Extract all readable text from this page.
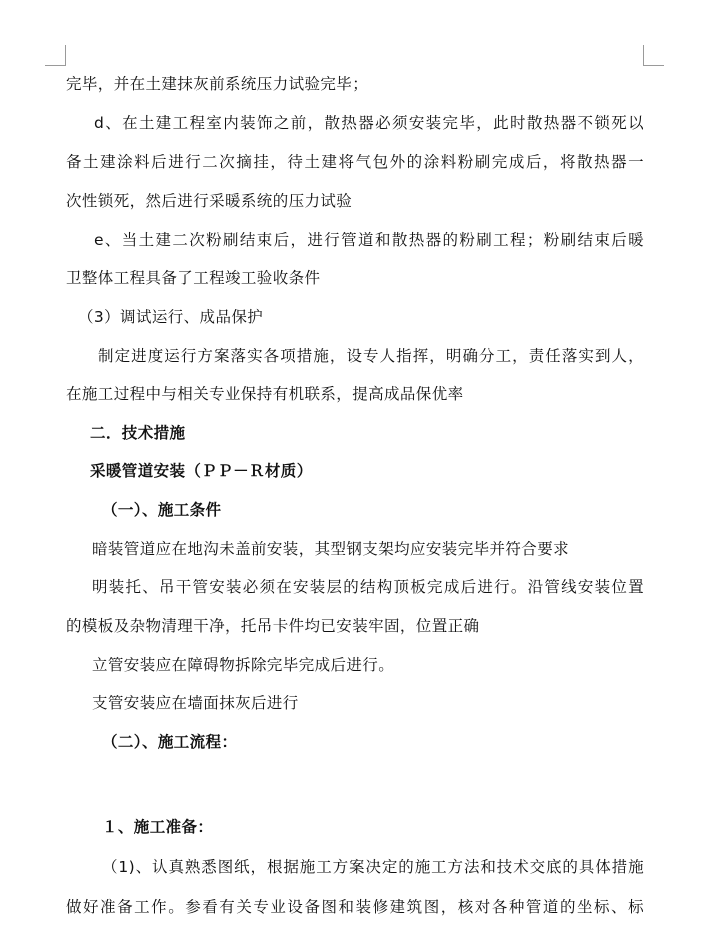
完毕，并在土建抹灰前系统压力试验完毕；
d、在土建工程室内装饰之前，散热器必须安装完毕，此时散热器不锁死以
备土建涂料后进行二次摘挂，待土建将气包外的涂料粉刷完成后，将散热器一
次性锁死，然后进行采暖系统的压力试验
e、当土建二次粉刷结束后，进行管道和散热器的粉刷工程；粉刷结束后暖
卫整体工程具备了工程竣工验收条件
（3）调试运行、成品保护
制定进度运行方案落实各项措施，设专人指挥，明确分工，责任落实到人，
在施工过程中与相关专业保持有机联系，提高成品保优率
二．技术措施
采暖管道安装（ＰＰ－Ｒ材质）
（一）、施工条件
暗装管道应在地沟未盖前安装，其型钢支架均应安装完毕并符合要求
明装托、吊干管安装必须在安装层的结构顶板完成后进行。沿管线安装位置
的模板及杂物清理干净，托吊卡件均已安装牢固，位置正确
立管安装应在障碍物拆除完毕完成后进行。
支管安装应在墙面抹灰后进行
（二）、施工流程：
１、施工准备：
（1)、认真熟悉图纸，根据施工方案决定的施工方法和技术交底的具体措施
做好准备工作。参看有关专业设备图和装修建筑图，核对各种管道的坐标、标
